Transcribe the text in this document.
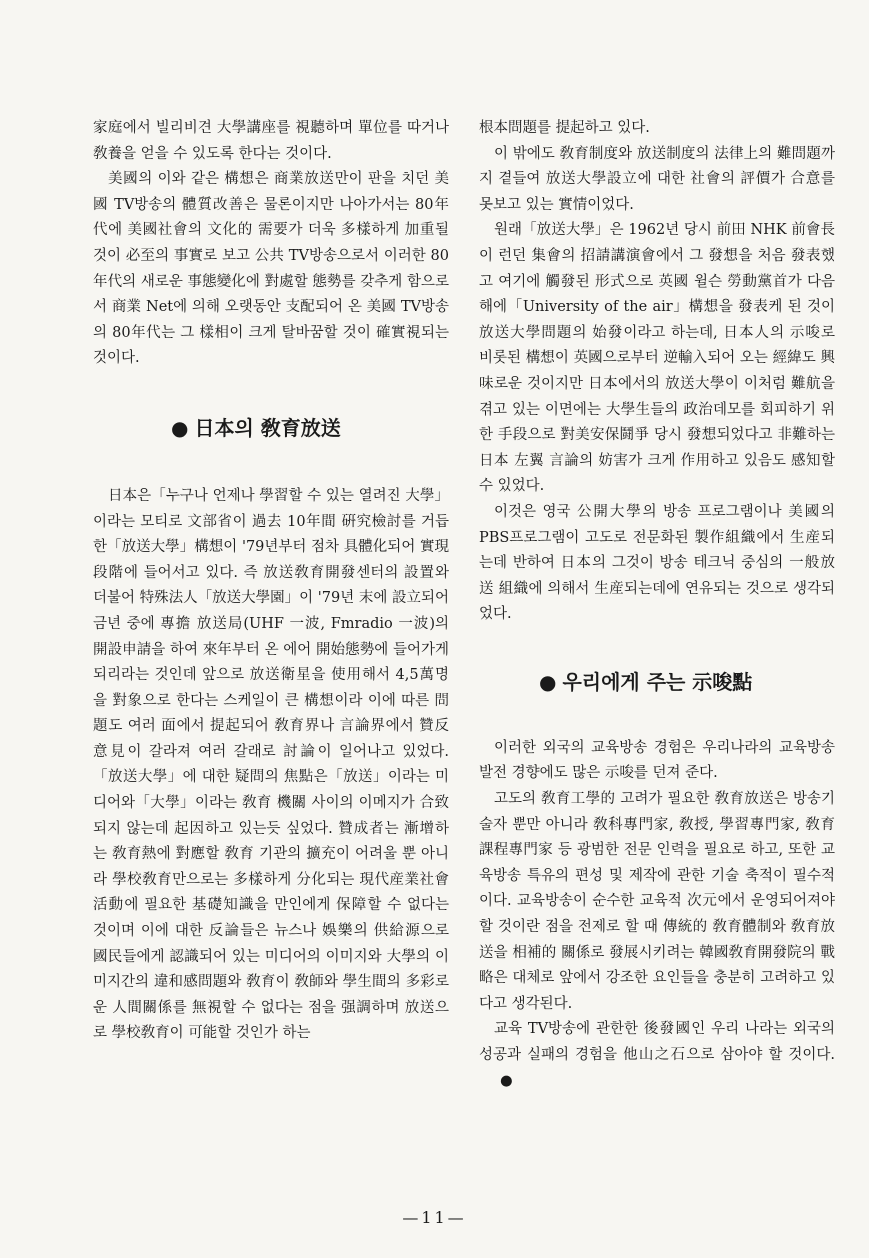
家庭에서 빌리비견 大學講座를 視聽하며 單位를 따거나 敎養을 얻을 수 있도록 한다는 것이다.

美國의 이와 같은 構想은 商業放送만이 판을 치던 美國 TV방송의 體質改善은 물론이지만 나아가서는 80年代에 美國社會의 文化的 需要가 더욱 多樣하게 加重될 것이 必至의 事實로 보고 公共 TV방송으로서 이러한 80年代의 새로운 事態變化에 對處할 態勢를 갖추게 함으로서 商業 Net에 의해 오랫동안 支配되어 온 美國 TV방송의 80年代는 그 樣相이 크게 탈바꿈할 것이 確實視되는 것이다.

● 日本의 敎育放送

日本은「누구나 언제나 學習할 수 있는 열려진 大學」이라는 모티로 文部省이 過去 10年間 硏究檢討를 거듭한「放送大學」構想이 '79년부터 점차 具體化되어 實現段階에 들어서고 있다. 즉 放送敎育開發센터의 設置와 더불어 特殊法人「放送大學園」이 '79년 末에 設立되어 금년 중에 專擔 放送局(UHF 一波, Fmradio 一波)의 開設申請을 하여 來年부터 온 에어 開始態勢에 들어가게 되리라는 것인데 앞으로 放送衛星을 使用해서 4,5萬명을 對象으로 한다는 스케일이 큰 構想이라 이에 따른 問題도 여러 面에서 提起되어 敎育界나 言論界에서 贊反意見이 갈라져 여러 갈래로 討論이 일어나고 있었다.「放送大學」에 대한 疑問의 焦點은「放送」이라는 미디어와「大學」이라는 敎育 機關 사이의 이메지가 合致되지 않는데 起因하고 있는듯 싶었다. 贊成者는 漸增하는 敎育熱에 對應할 敎育 기관의 擴充이 어려울 뿐 아니라 學校敎育만으로는 多樣하게 分化되는 現代産業社會活動에 필요한 基礎知識을 만인에게 保障할 수 없다는 것이며 이에 대한 反論들은 뉴스나 娛樂의 供給源으로 國民들에게 認識되어 있는 미디어의 이미지와 大學의 이미지간의 違和感問題와 敎育이 敎師와 學生間의 多彩로운 人間關係를 無視할 수 없다는 점을 强調하며 放送으로 學校敎育이 可能할 것인가 하는

根本問題를 提起하고 있다.

이 밖에도 敎育制度와 放送制度의 法律上의 難問題까지 곁들여 放送大學設立에 대한 社會의 評價가 合意를 못보고 있는 實情이었다.

원래「放送大學」은 1962년 당시 前田 NHK 前會長이 런던 集會의 招請講演會에서 그 發想을 처음 發表했고 여기에 觸發된 形式으로 英國 윌슨 勞動黨首가 다음 해에「University of the air」構想을 發表케 된 것이 放送大學問題의 始發이라고 하는데, 日本人의 示唆로 비롯된 構想이 英國으로부터 逆輸入되어 오는 經緯도 興味로운 것이지만 日本에서의 放送大學이 이처럼 難航을 겪고 있는 이면에는 大學生들의 政治데모를 회피하기 위한 手段으로 對美安保鬪爭 당시 發想되었다고 非難하는 日本 左翼 言論의 妨害가 크게 作用하고 있음도 感知할 수 있었다.

이것은 영국 公開大學의 방송 프로그램이나 美國의 PBS프로그램이 고도로 전문화된 製作組織에서 生産되는데 반하여 日本의 그것이 방송 테크닉 중심의 一般放送 組織에 의해서 生産되는데에 연유되는 것으로 생각되었다.

● 우리에게 주는 示唆點

이러한 외국의 교육방송 경험은 우리나라의 교육방송 발전 경향에도 많은 示唆를 던져 준다.

고도의 敎育工學的 고려가 필요한 敎育放送은 방송기술자 뿐만 아니라 敎科專門家, 敎授, 學習專門家, 敎育課程專門家 등 광범한 전문 인력을 필요로 하고, 또한 교육방송 특유의 편성 및 제작에 관한 기술 축적이 필수적이다. 교육방송이 순수한 교육적 次元에서 운영되어져야 할 것이란 점을 전제로 할 때 傳統的 敎育體制와 敎育放送을 相補的 關係로 發展시키려는 韓國敎育開發院의 戰略은 대체로 앞에서 강조한 요인들을 충분히 고려하고 있다고 생각된다.

교육 TV방송에 관한한 後發國인 우리 나라는 외국의 성공과 실패의 경험을 他山之石으로 삼아야 할 것이다.●

—11—
